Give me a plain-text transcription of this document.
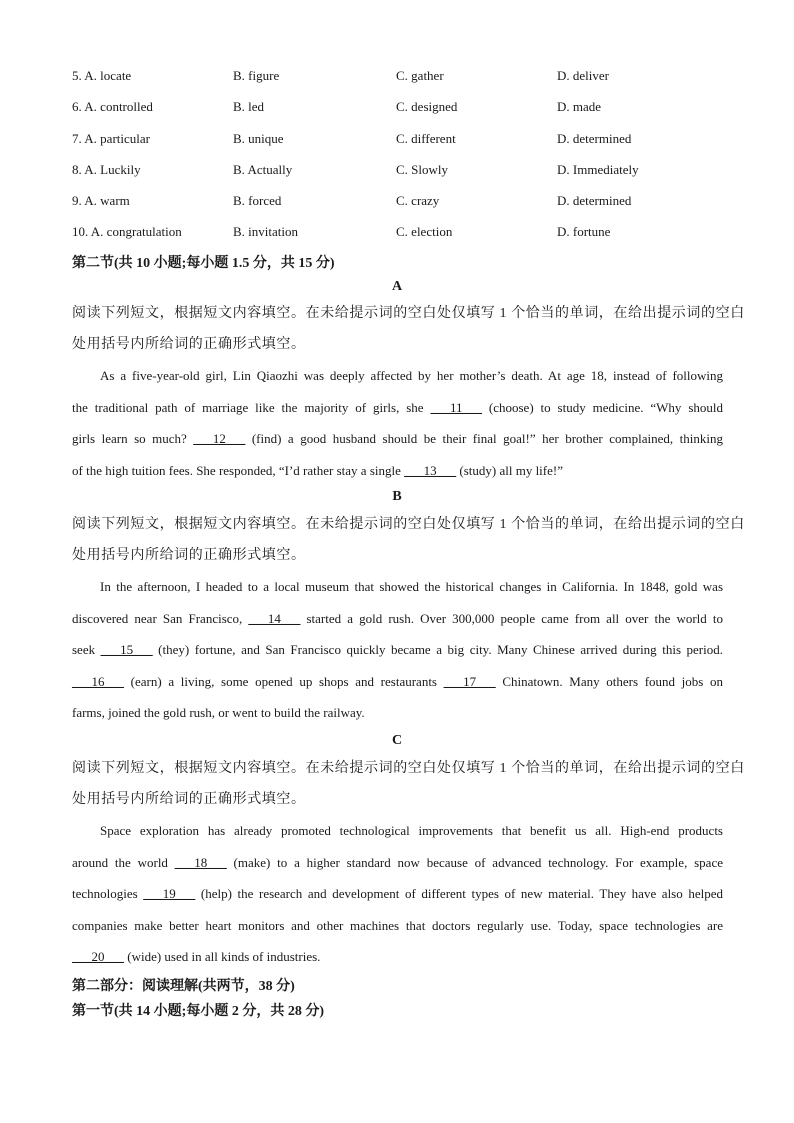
5. A. locate	B. figure	C. gather	D. deliver
6. A. controlled	B. led	C. designed	D. made
7. A. particular	B. unique	C. different	D. determined
8. A. Luckily	B. Actually	C. Slowly	D. Immediately
9. A. warm	B. forced	C. crazy	D. determined
10. A. congratulation	B. invitation	C. election	D. fortune
第二节(共 10 小题;每小题 1.5 分，共 15 分)
A
阅读下列短文，根据短文内容填空。在未给提示词的空白处仅填写 1 个恰当的单词，在给出提示词的空白
处用括号内所给词的正确形式填空。
As a five-year-old girl, Lin Qiaozhi was deeply affected by her mother’s death. At age 18, instead of following
the traditional path of marriage like the majority of girls, she ___11___ (choose) to study medicine. “Why should
girls learn so much? ___12___ (find) a good husband should be their final goal!” her brother complained, thinking
of the high tuition fees. She responded, “I’d rather stay a single ___13___ (study) all my life!”
B
阅读下列短文，根据短文内容填空。在未给提示词的空白处仅填写 1 个恰当的单词，在给出提示词的空白
处用括号内所给词的正确形式填空。
In the afternoon, I headed to a local museum that showed the historical changes in California. In 1848, gold was
discovered near San Francisco, ___14___ started a gold rush. Over 300,000 people came from all over the world to
seek ___15___ (they) fortune, and San Francisco quickly became a big city. Many Chinese arrived during this period.
___16___ (earn) a living, some opened up shops and restaurants ___17___ Chinatown. Many others found jobs on
farms, joined the gold rush, or went to build the railway.
C
阅读下列短文，根据短文内容填空。在未给提示词的空白处仅填写 1 个恰当的单词，在给出提示词的空白
处用括号内所给词的正确形式填空。
Space exploration has already promoted technological improvements that benefit us all. High-end products
around the world ___18___ (make) to a higher standard now because of advanced technology. For example, space
technologies ___19___ (help) the research and development of different types of new material. They have also helped
companies make better heart monitors and other machines that doctors regularly use. Today, space technologies are
___20___ (wide) used in all kinds of industries.
第二部分：阅读理解(共两节，38 分)
第一节(共 14 小题;每小题 2 分，共 28 分)
